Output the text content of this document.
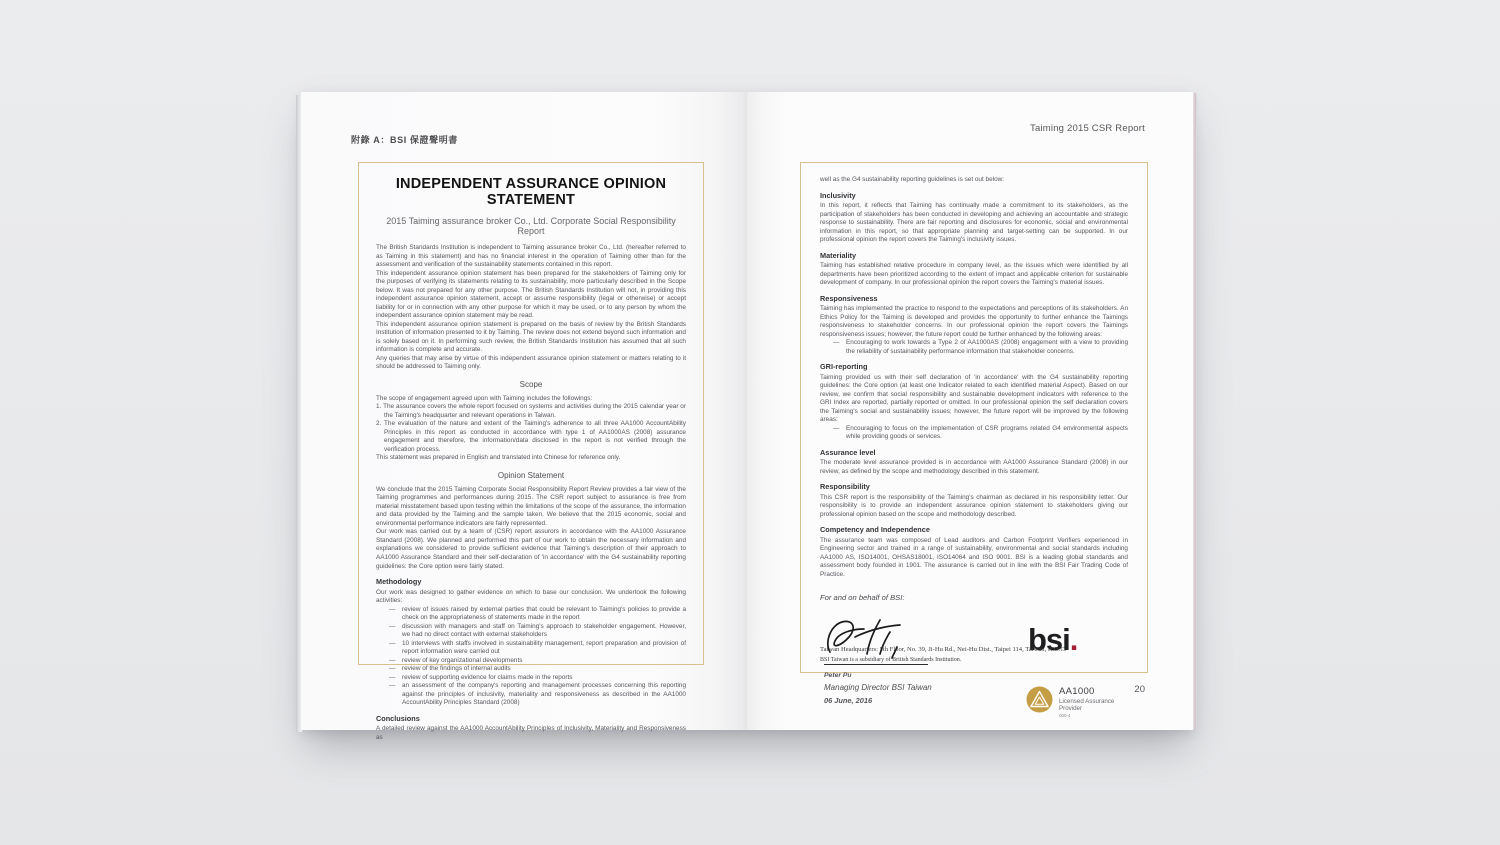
附錄 A：BSI 保證聲明書
INDEPENDENT ASSURANCE OPINION STATEMENT
2015 Taiming assurance broker Co., Ltd. Corporate Social Responsibility Report

The British Standards Institution is independent to Taiming assurance broker Co., Ltd. (hereafter referred to as Taiming in this statement) and has no financial interest in the operation of Taiming other than for the assessment and verification of the sustainability statements contained in this report.

This independent assurance opinion statement has been prepared for the stakeholders of Taiming only for the purposes of verifying its statements relating to its sustainability, more particularly described in the Scope below. It was not prepared for any other purpose. The British Standards Institution will not, in providing this independent assurance opinion statement, accept or assume responsibility (legal or otherwise) or accept liability for or in connection with any other purpose for which it may be used, or to any person by whom the independent assurance opinion statement may be read.

This independent assurance opinion statement is prepared on the basis of review by the British Standards Institution of information presented to it by Taiming. The review does not extend beyond such information and is solely based on it. In performing such review, the British Standards Institution has assumed that all such information is complete and accurate.

Any queries that may arise by virtue of this independent assurance opinion statement or matters relating to it should be addressed to Taiming only.

Scope

The scope of engagement agreed upon with Taiming includes the followings:

1. The assurance covers the whole report focused on systems and activities during the 2015 calendar year or the Taiming's headquarter and relevant operations in Taiwan.

2. The evaluation of the nature and extent of the Taiming's adherence to all three AA1000 AccountAbility Principles in this report as conducted in accordance with type 1 of AA1000AS (2008) assurance engagement and therefore, the information/data disclosed in the report is not verified through the verification process.

This statement was prepared in English and translated into Chinese for reference only.

Opinion Statement

We conclude that the 2015 Taiming Corporate Social Responsibility Report Review provides a fair view of the Taiming programmes and performances during 2015. The CSR report subject to assurance is free from material misstatement based upon testing within the limitations of the scope of the assurance, the information and data provided by the Taiming and the sample taken. We believe that the 2015 economic, social and environmental performance indicators are fairly represented.

Our work was carried out by a team of (CSR) report assurors in accordance with the AA1000 Assurance Standard (2008). We planned and performed this part of our work to obtain the necessary information and explanations we considered to provide sufficient evidence that Taiming's description of their approach to AA1000 Assurance Standard and their self-declaration of 'in accordance' with the G4 sustainability reporting guidelines: the Core option were fairly stated.

Methodology

Our work was designed to gather evidence on which to base our conclusion. We undertook the following activities:

— review of issues raised by external parties that could be relevant to Taiming's policies to provide a check on the appropriateness of statements made in the report
— discussion with managers and staff on Taiming's approach to stakeholder engagement. However, we had no direct contact with external stakeholders
— 10 interviews with staffs involved in sustainability management, report preparation and provision of report information were carried out
— review of key organizational developments
— review of the findings of internal audits
— review of supporting evidence for claims made in the reports
— an assessment of the company's reporting and management processes concerning this reporting against the principles of inclusivity, materiality and responsiveness as described in the AA1000 AccountAbility Principles Standard (2008)
Conclusions

A detailed review against the AA1000 AccountAbility Principles of Inclusivity, Materiality and Responsiveness as

Taiming 2015 CSR Report

well as the G4 sustainability reporting guidelines is set out below:

Inclusivity

In this report, it reflects that Taiming has continually made a commitment to its stakeholders, as the participation of stakeholders has been conducted in developing and achieving an accountable and strategic response to sustainability. There are fair reporting and disclosures for economic, social and environmental information in this report, so that appropriate planning and target-setting can be supported. In our professional opinion the report covers the Taiming's inclusivity issues.

Materiality

Taiming has established relative procedure in company level, as the issues which were identified by all departments have been prioritized according to the extent of impact and applicable criterion for sustainable development of company. In our professional opinion the report covers the Taiming's material issues.

Responsiveness

Taiming has implemented the practice to respond to the expectations and perceptions of its stakeholders. An Ethics Policy for the Taiming is developed and provides the opportunity to further enhance the Taimings responsiveness to stakeholder concerns. In our professional opinion the report covers the Taimings responsiveness issues; however, the future report could be further enhanced by the following areas:

— Encouraging to work towards a Type 2 of AA1000AS (2008) engagement with a view to providing the reliability of sustainability performance information that stakeholder concerns.
GRI-reporting

Taiming provided us with their self declaration of 'in accordance' with the G4 sustainability reporting guidelines: the Core option (at least one Indicator related to each identified material Aspect). Based on our review, we confirm that social responsibility and sustainable development indicators with reference to the GRI Index are reported, partially reported or omitted. In our professional opinion the self declaration covers the Taiming's social and sustainability issues; however, the future report will be improved by the following areas:

— Encouraging to focus on the implementation of CSR programs related G4 environmental aspects while providing goods or services.
Assurance level

The moderate level assurance provided is in accordance with AA1000 Assurance Standard (2008) in our review, as defined by the scope and methodology described in this statement.

Responsibility

This CSR report is the responsibility of the Taiming's chairman as declared in his responsibility letter. Our responsibility is to provide an independent assurance opinion statement to stakeholders giving our professional opinion based on the scope and methodology described.

Competency and Independence

The assurance team was composed of Lead auditors and Carbon Footprint Verifiers experienced in Engineering sector and trained in a range of sustainability, environmental and social standards including AA1000 AS, ISO14001, OHSAS18001, ISO14064 and ISO 9001. BSI is a leading global standards and assessment body founded in 1901. The assurance is carried out in line with the BSI Fair Trading Code of Practice.

For and on behalf of BSI:
Peter Pu
Managing Director BSI Taiwan
06 June, 2016
bsi.
AA1000
Licensed Assurance Provider
000-4
Taiwan Headquarters: 5th Floor, No. 39, Ji-Hu Rd., Nei-Hu Dist., Taipei 114, Taiwan, R.O.C.
BSI Taiwan is a subsidiary of British Standards Institution.
20
